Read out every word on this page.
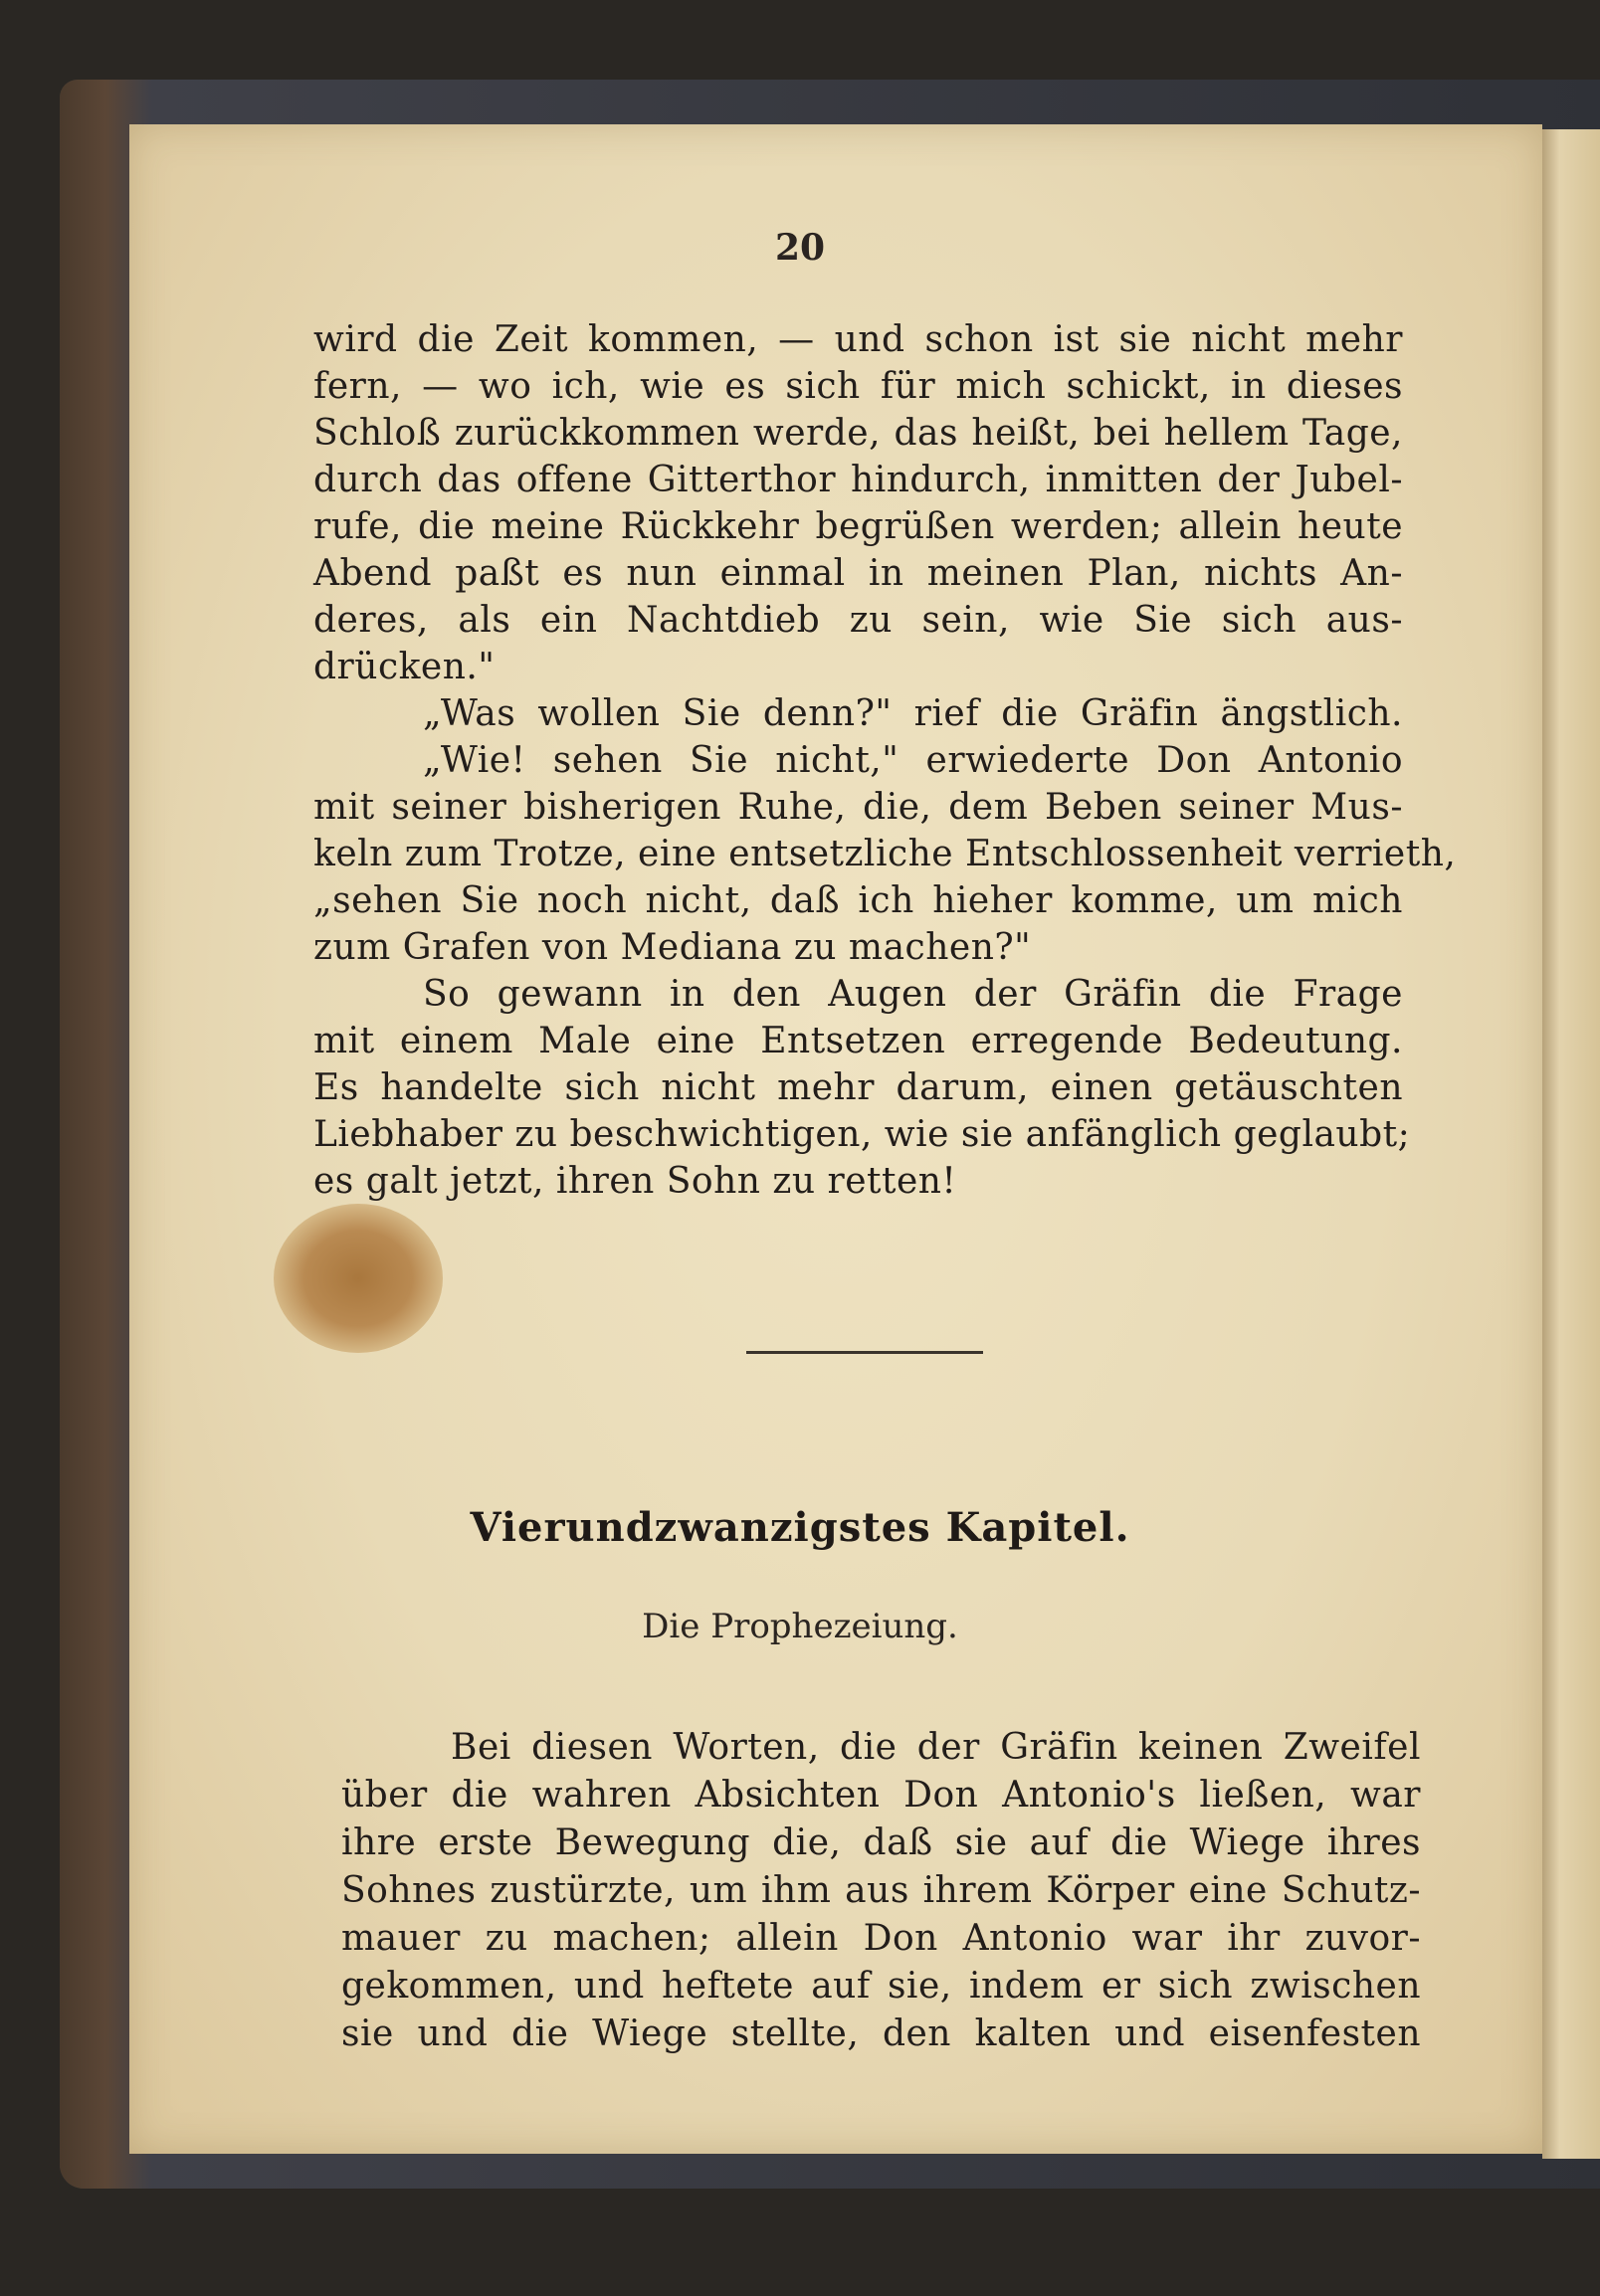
20
wird die Zeit kommen, — und schon ist sie nicht mehr
fern, — wo ich, wie es sich für mich schickt, in dieses
Schloß zurückkommen werde, das heißt, bei hellem Tage,
durch das offene Gitterthor hindurch, inmitten der Jubel-
rufe, die meine Rückkehr begrüßen werden; allein heute
Abend paßt es nun einmal in meinen Plan, nichts An-
deres, als ein Nachtdieb zu sein, wie Sie sich aus-
drücken."
„Was wollen Sie denn?" rief die Gräfin ängstlich.
„Wie! sehen Sie nicht," erwiederte Don Antonio
mit seiner bisherigen Ruhe, die, dem Beben seiner Mus-
keln zum Trotze, eine entsetzliche Entschlossenheit verrieth,
„sehen Sie noch nicht, daß ich hieher komme, um mich
zum Grafen von Mediana zu machen?"
So gewann in den Augen der Gräfin die Frage
mit einem Male eine Entsetzen erregende Bedeutung.
Es handelte sich nicht mehr darum, einen getäuschten
Liebhaber zu beschwichtigen, wie sie anfänglich geglaubt;
es galt jetzt, ihren Sohn zu retten!
Vierundzwanzigstes Kapitel.
Die Prophezeiung.
Bei diesen Worten, die der Gräfin keinen Zweifel
über die wahren Absichten Don Antonio's ließen, war
ihre erste Bewegung die, daß sie auf die Wiege ihres
Sohnes zustürzte, um ihm aus ihrem Körper eine Schutz-
mauer zu machen; allein Don Antonio war ihr zuvor-
gekommen, und heftete auf sie, indem er sich zwischen
sie und die Wiege stellte, den kalten und eisenfesten
